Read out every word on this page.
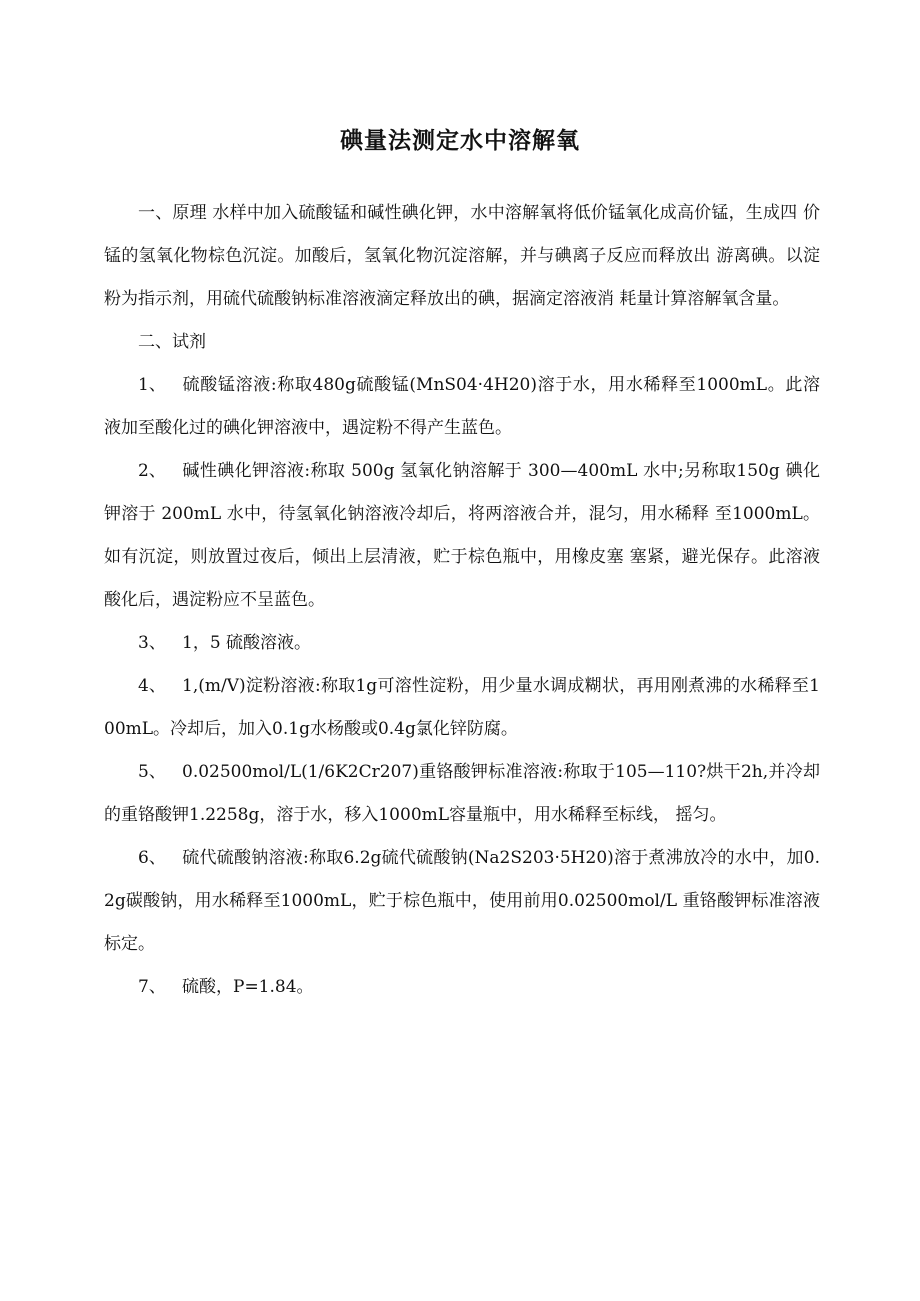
碘量法测定水中溶解氧

一、原理 水样中加入硫酸锰和碱性碘化钾，水中溶解氧将低价锰氧化成高价锰，生成四 价锰的氢氧化物棕色沉淀。加酸后，氢氧化物沉淀溶解，并与碘离子反应而释放出 游离碘。以淀粉为指示剂，用硫代硫酸钠标准溶液滴定释放出的碘，据滴定溶液消 耗量计算溶解氧含量。

二、试剂

1、 硫酸锰溶液:称取480g硫酸锰(MnS04·4H20)溶于水，用水稀释至1000mL。此溶液加至酸化过的碘化钾溶液中，遇淀粉不得产生蓝色。

2、 碱性碘化钾溶液:称取 500g 氢氧化钠溶解于 300—400mL 水中;另称取150g 碘化钾溶于 200mL 水中，待氢氧化钠溶液冷却后，将两溶液合并，混匀，用水稀释 至1000mL。如有沉淀，则放置过夜后，倾出上层清液，贮于棕色瓶中，用橡皮塞 塞紧，避光保存。此溶液酸化后，遇淀粉应不呈蓝色。

3、 1，5 硫酸溶液。

4、 1,(m/V)淀粉溶液:称取1g可溶性淀粉，用少量水调成糊状，再用刚煮沸的水稀释至100mL。冷却后，加入0.1g水杨酸或0.4g氯化锌防腐。

5、 0.02500mol/L(1/6K2Cr207)重铬酸钾标准溶液:称取于105—110?烘干2h,并冷却的重铬酸钾1.2258g，溶于水，移入1000mL容量瓶中，用水稀释至标线， 摇匀。

6、 硫代硫酸钠溶液:称取6.2g硫代硫酸钠(Na2S203·5H20)溶于煮沸放冷的水中，加0. 2g碳酸钠，用水稀释至1000mL，贮于棕色瓶中，使用前用0.02500mol/L 重铬酸钾标准溶液标定。

7、 硫酸，P=1.84。
